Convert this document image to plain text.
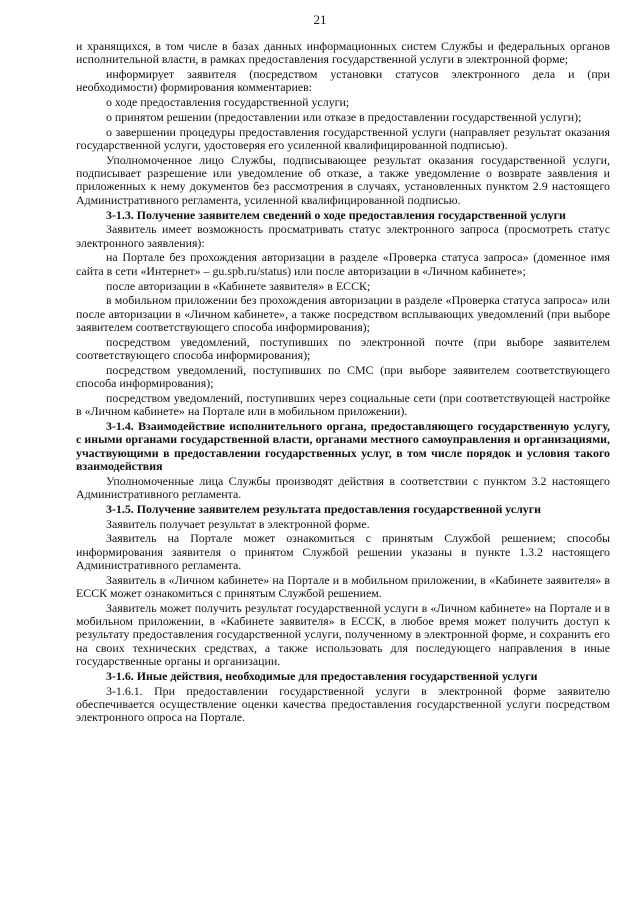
21

и хранящихся, в том числе в базах данных информационных систем Службы и федеральных органов исполнительной власти, в рамках предоставления государственной услуги в электронной форме;

информирует заявителя (посредством установки статусов электронного дела и (при необходимости) формирования комментариев:

о ходе предоставления государственной услуги;

о принятом решении (предоставлении или отказе в предоставлении государственной услуги);

о завершении процедуры предоставления государственной услуги (направляет результат оказания государственной услуги, удостоверяя его усиленной квалифицированной подписью).

Уполномоченное лицо Службы, подписывающее результат оказания государственной услуги, подписывает разрешение или уведомление об отказе, а также уведомление о возврате заявления и приложенных к нему документов без рассмотрения в случаях, установленных пунктом 2.9 настоящего Административного регламента, усиленной квалифицированной подписью.

3-1.3. Получение заявителем сведений о ходе предоставления государственной услуги

Заявитель имеет возможность просматривать статус электронного запроса (просмотреть статус электронного заявления):

на Портале без прохождения авторизации в разделе «Проверка статуса запроса» (доменное имя сайта в сети «Интернет» – gu.spb.ru/status) или после авторизации в «Личном кабинете»;

после авторизации в «Кабинете заявителя» в ЕССК;

в мобильном приложении без прохождения авторизации в разделе «Проверка статуса запроса» или после авторизации в «Личном кабинете», а также посредством всплывающих уведомлений (при выборе заявителем соответствующего способа информирования);

посредством уведомлений, поступивших по электронной почте (при выборе заявителем соответствующего способа информирования);

посредством уведомлений, поступивших по СМС (при выборе заявителем соответствующего способа информирования);

посредством уведомлений, поступивших через социальные сети (при соответствующей настройке в «Личном кабинете» на Портале или в мобильном приложении).

3-1.4. Взаимодействие исполнительного органа, предоставляющего государственную услугу, с иными органами государственной власти, органами местного самоуправления и организациями, участвующими в предоставлении государственных услуг, в том числе порядок и условия такого взаимодействия

Уполномоченные лица Службы производят действия в соответствии с пунктом 3.2 настоящего Административного регламента.

3-1.5. Получение заявителем результата предоставления государственной услуги

Заявитель получает результат в электронной форме.

Заявитель на Портале может ознакомиться с принятым Службой решением; способы информирования заявителя о принятом Службой решении указаны в пункте 1.3.2 настоящего Административного регламента.

Заявитель в «Личном кабинете» на Портале и в мобильном приложении, в «Кабинете заявителя» в ЕССК может ознакомиться с принятым Службой решением.

Заявитель может получить результат государственной услуги в «Личном кабинете» на Портале и в мобильном приложении, в «Кабинете заявителя» в ЕССК, в любое время может получить доступ к результату предоставления государственной услуги, полученному в электронной форме, и сохранить его на своих технических средствах, а также использовать для последующего направления в иные государственные органы и организации.

3-1.6. Иные действия, необходимые для предоставления государственной услуги

3-1.6.1. При предоставлении государственной услуги в электронной форме заявителю обеспечивается осуществление оценки качества предоставления государственной услуги посредством электронного опроса на Портале.
